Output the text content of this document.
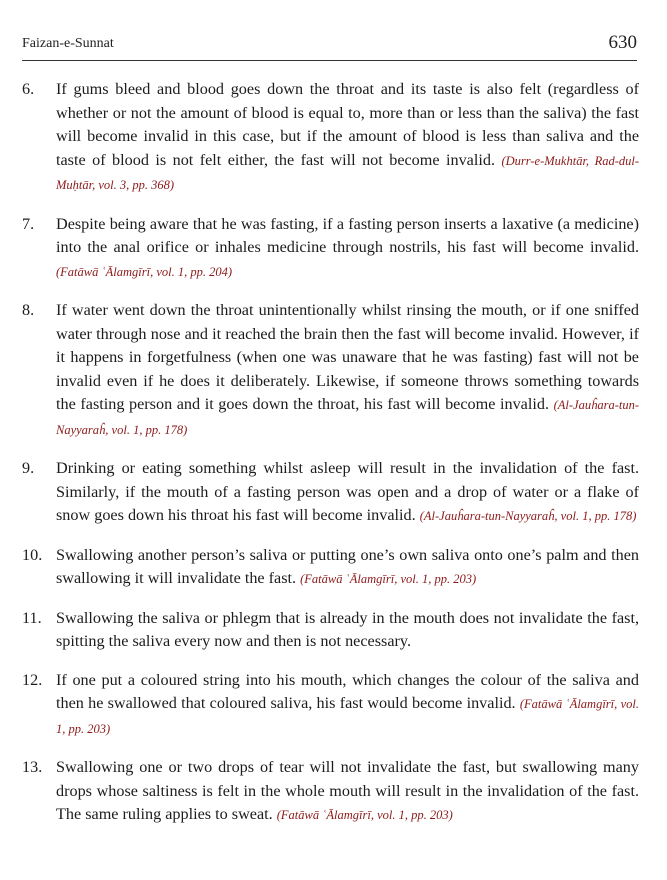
Faizan-e-Sunnat	630
6. If gums bleed and blood goes down the throat and its taste is also felt (regardless of whether or not the amount of blood is equal to, more than or less than the saliva) the fast will become invalid in this case, but if the amount of blood is less than saliva and the taste of blood is not felt either, the fast will not become invalid. (Durr-e-Mukhtār, Rad-dul-Muḥtār, vol. 3, pp. 368)
7. Despite being aware that he was fasting, if a fasting person inserts a laxative (a medicine) into the anal orifice or inhales medicine through nostrils, his fast will become invalid. (Fatāwā ʿĀlamgīrī, vol. 1, pp. 204)
8. If water went down the throat unintentionally whilst rinsing the mouth, or if one sniffed water through nose and it reached the brain then the fast will become invalid. However, if it happens in forgetfulness (when one was unaware that he was fasting) fast will not be invalid even if he does it deliberately. Likewise, if someone throws something towards the fasting person and it goes down the throat, his fast will become invalid. (Al-Jauĥara-tun-Nayyaraĥ, vol. 1, pp. 178)
9. Drinking or eating something whilst asleep will result in the invalidation of the fast. Similarly, if the mouth of a fasting person was open and a drop of water or a flake of snow goes down his throat his fast will become invalid. (Al-Jauĥara-tun-Nayyaraĥ, vol. 1, pp. 178)
10. Swallowing another person’s saliva or putting one’s own saliva onto one’s palm and then swallowing it will invalidate the fast. (Fatāwā ʿĀlamgīrī, vol. 1, pp. 203)
11. Swallowing the saliva or phlegm that is already in the mouth does not invalidate the fast, spitting the saliva every now and then is not necessary.
12. If one put a coloured string into his mouth, which changes the colour of the saliva and then he swallowed that coloured saliva, his fast would become invalid. (Fatāwā ʿĀlamgīrī, vol. 1, pp. 203)
13. Swallowing one or two drops of tear will not invalidate the fast, but swallowing many drops whose saltiness is felt in the whole mouth will result in the invalidation of the fast. The same ruling applies to sweat. (Fatāwā ʿĀlamgīrī, vol. 1, pp. 203)
